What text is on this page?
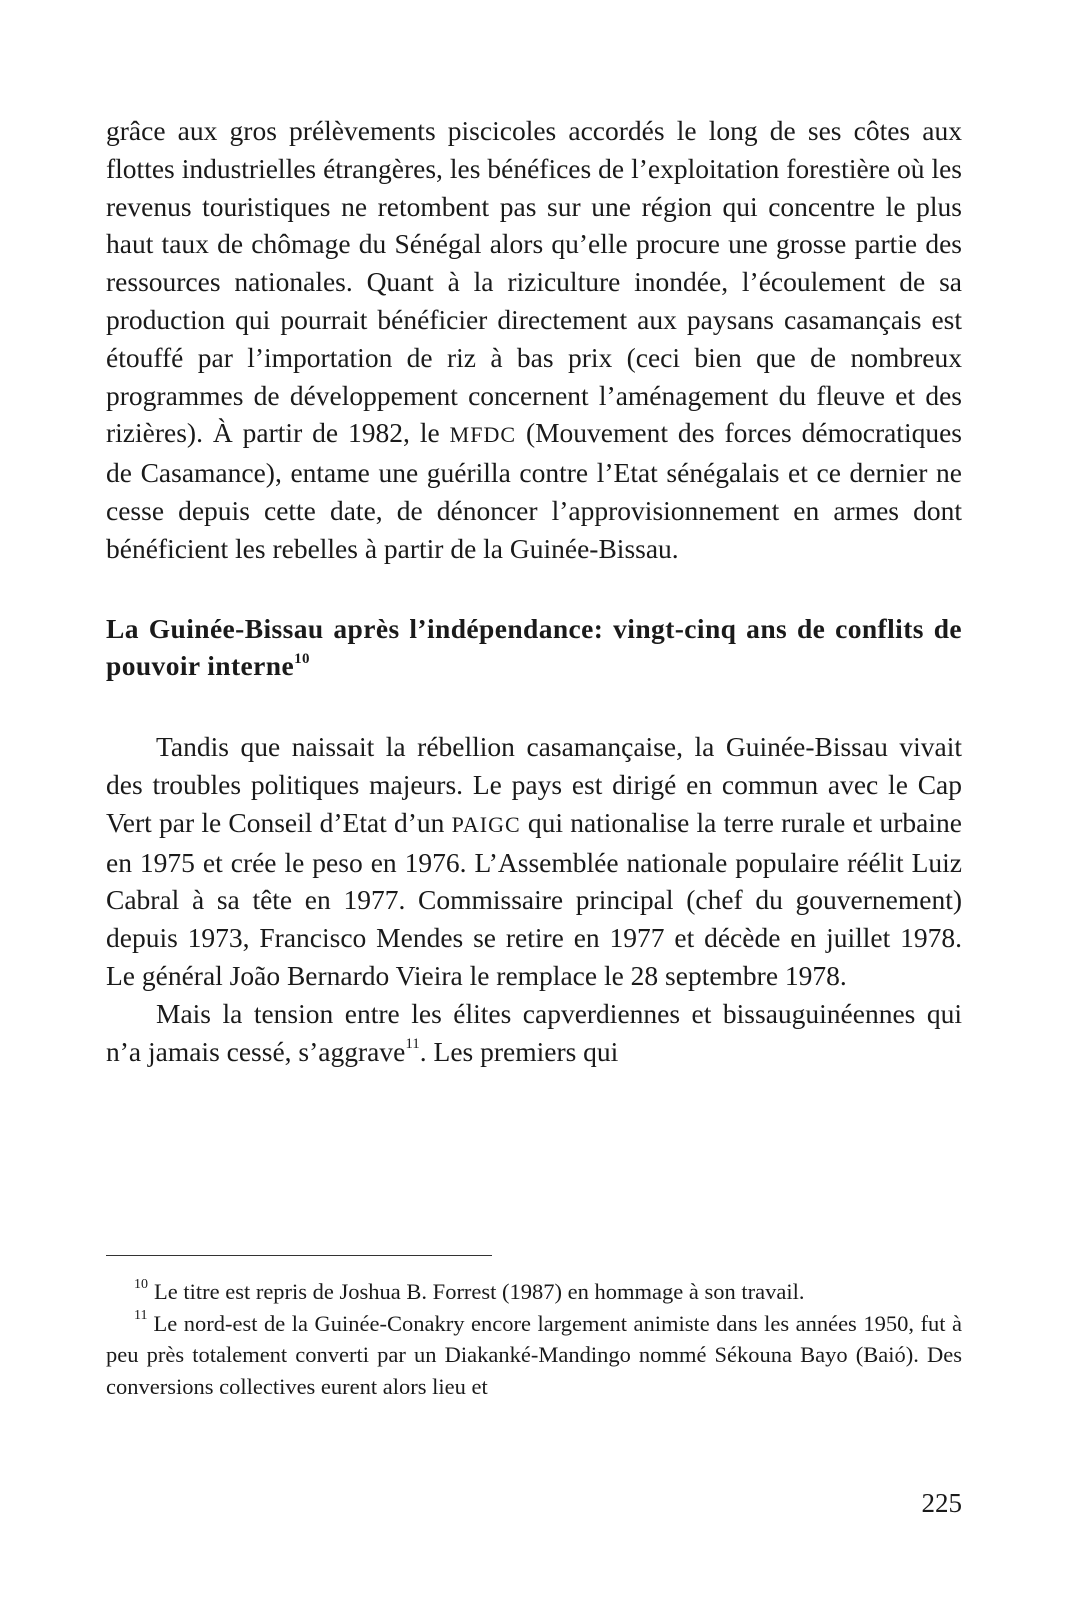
grâce aux gros prélèvements piscicoles accordés le long de ses côtes aux flottes industrielles étrangères, les bénéfices de l’exploitation forestière où les revenus touristiques ne retombent pas sur une région qui concentre le plus haut taux de chômage du Sénégal alors qu’elle procure une grosse partie des ressources nationales. Quant à la riziculture inondée, l’écoulement de sa production qui pourrait bénéficier directement aux paysans casamançais est étouffé par l’importation de riz à bas prix (ceci bien que de nombreux programmes de développement concernent l’aménagement du fleuve et des rizières). À partir de 1982, le MFDC (Mouvement des forces démocratiques de Casamance), entame une guérilla contre l’Etat sénégalais et ce dernier ne cesse depuis cette date, de dénoncer l’approvisionnement en armes dont bénéficient les rebelles à partir de la Guinée-Bissau.

La Guinée-Bissau après l’indépendance: vingt-cinq ans de conflits de pouvoir interne$^{10}$

Tandis que naissait la rébellion casamançaise, la Guinée-Bissau vivait des troubles politiques majeurs. Le pays est dirigé en commun avec le Cap Vert par le Conseil d’Etat d’un PAIGC qui nationalise la terre rurale et urbaine en 1975 et crée le peso en 1976. L’Assemblée nationale populaire réélit Luiz Cabral à sa tête en 1977. Commissaire principal (chef du gouvernement) depuis 1973, Francisco Mendes se retire en 1977 et décède en juillet 1978. Le général João Bernardo Vieira le remplace le 28 septembre 1978.

Mais la tension entre les élites capverdiennes et bissauguinéennes qui n’a jamais cessé, s’aggrave$^{11}$. Les premiers qui

$^{10}$ Le titre est repris de Joshua B. Forrest (1987) en hommage à son travail.

$^{11}$ Le nord-est de la Guinée-Conakry encore largement animiste dans les années 1950, fut à peu près totalement converti par un Diakanké-Mandingo nommé Sékouna Bayo (Baió). Des conversions collectives eurent alors lieu et

225
